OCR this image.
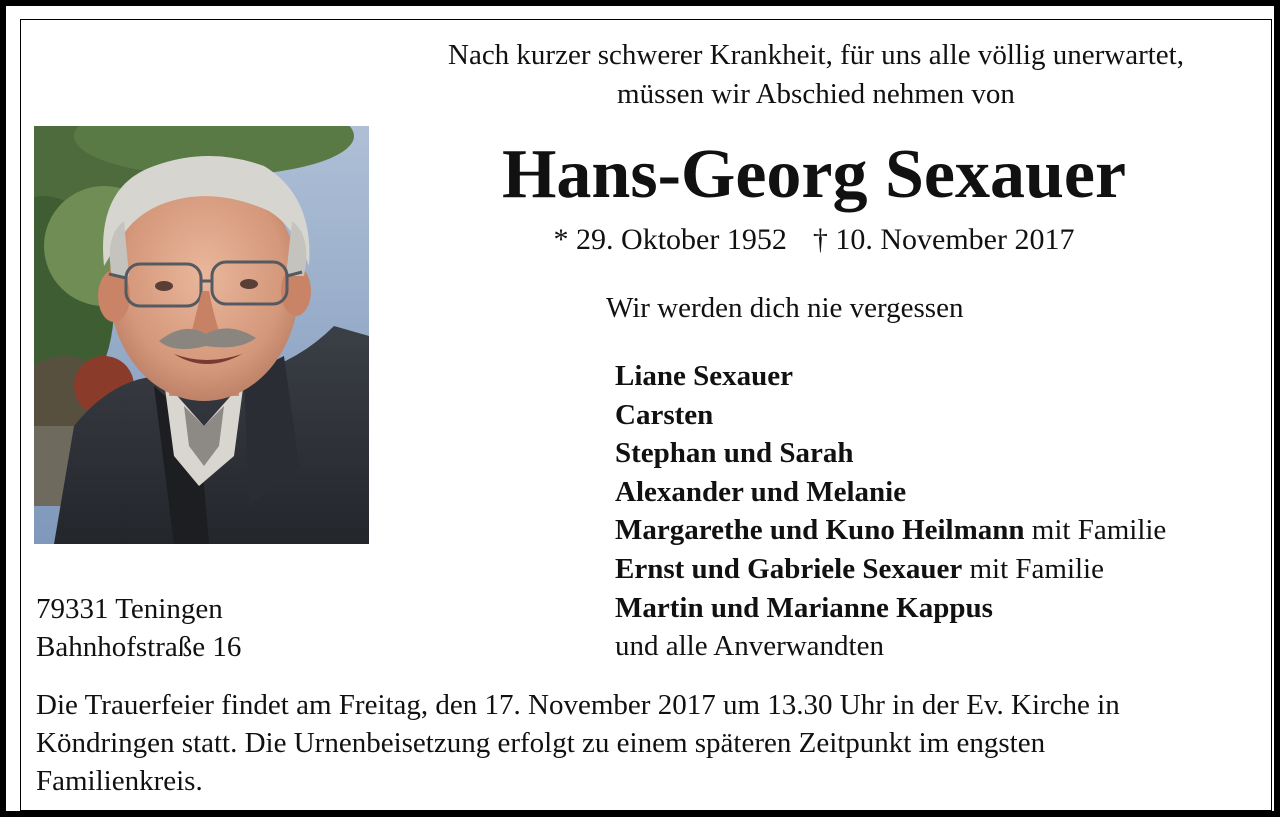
Nach kurzer schwerer Krankheit, für uns alle völlig unerwartet,
müssen wir Abschied nehmen von
Hans-Georg Sexauer
* 29. Oktober 1952 † 10. November 2017
Wir werden dich nie vergessen
Liane Sexauer
Carsten
Stephan und Sarah
Alexander und Melanie
Margarethe und Kuno Heilmann mit Familie
Ernst und Gabriele Sexauer mit Familie
Martin und Marianne Kappus
und alle Anverwandten
79331 Teningen
Bahnhofstraße 16
Die Trauerfeier findet am Freitag, den 17. November 2017 um 13.30 Uhr in der Ev. Kirche in
Köndringen statt. Die Urnenbeisetzung erfolgt zu einem späteren Zeitpunkt im engsten
Familienkreis.
